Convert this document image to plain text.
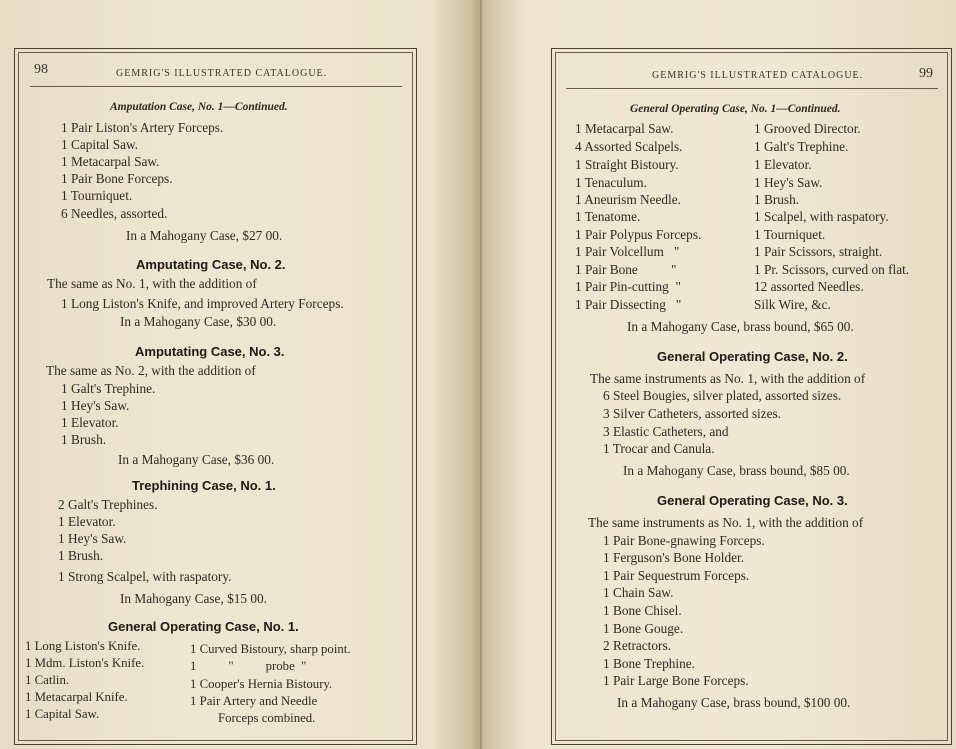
98	GEMRIG'S ILLUSTRATED CATALOGUE.
Amputation Case, No. 1—Continued.
1 Pair Liston's Artery Forceps.
1 Capital Saw.
1 Metacarpal Saw.
1 Pair Bone Forceps.
1 Tourniquet.
6 Needles, assorted.
In a Mahogany Case, $27 00.
Amputating Case, No. 2.
The same as No. 1, with the addition of
1 Long Liston's Knife, and improved Artery Forceps.
In a Mahogany Case, $30 00.
Amputating Case, No. 3.
The same as No. 2, with the addition of
1 Galt's Trephine.
1 Hey's Saw.
1 Elevator.
1 Brush.
In a Mahogany Case, $36 00.
Trephining Case, No. 1.
2 Galt's Trephines.
1 Elevator.
1 Hey's Saw.
1 Brush.
1 Strong Scalpel, with raspatory.
In Mahogany Case, $15 00.
General Operating Case, No. 1.
1 Long Liston's Knife.
1 Mdm. Liston's Knife.
1 Catlin.
1 Metacarpal Knife.
1 Capital Saw.
1 Curved Bistoury, sharp point.
1          "          probe  "
1 Cooper's Hernia Bistoury.
1 Pair Artery and Needle
Forceps combined.
GEMRIG'S ILLUSTRATED CATALOGUE.	99
General Operating Case, No. 1—Continued.
1 Metacarpal Saw.
4 Assorted Scalpels.
1 Straight Bistoury.
1 Tenaculum.
1 Aneurism Needle.
1 Tenatome.
1 Pair Polypus Forceps.
1 Pair Volcellum   "
1 Pair Bone          "
1 Pair Pin-cutting  "
1 Pair Dissecting   "
1 Grooved Director.
1 Galt's Trephine.
1 Elevator.
1 Hey's Saw.
1 Brush.
1 Scalpel, with raspatory.
1 Tourniquet.
1 Pair Scissors, straight.
1 Pr. Scissors, curved on flat.
12 assorted Needles.
Silk Wire, &c.
In a Mahogany Case, brass bound, $65 00.
General Operating Case, No. 2.
The same instruments as No. 1, with the addition of
6 Steel Bougies, silver plated, assorted sizes.
3 Silver Catheters, assorted sizes.
3 Elastic Catheters, and
1 Trocar and Canula.
In a Mahogany Case, brass bound, $85 00.
General Operating Case, No. 3.
The same instruments as No. 1, with the addition of
1 Pair Bone-gnawing Forceps.
1 Ferguson's Bone Holder.
1 Pair Sequestrum Forceps.
1 Chain Saw.
1 Bone Chisel.
1 Bone Gouge.
2 Retractors.
1 Bone Trephine.
1 Pair Large Bone Forceps.
In a Mahogany Case, brass bound, $100 00.
